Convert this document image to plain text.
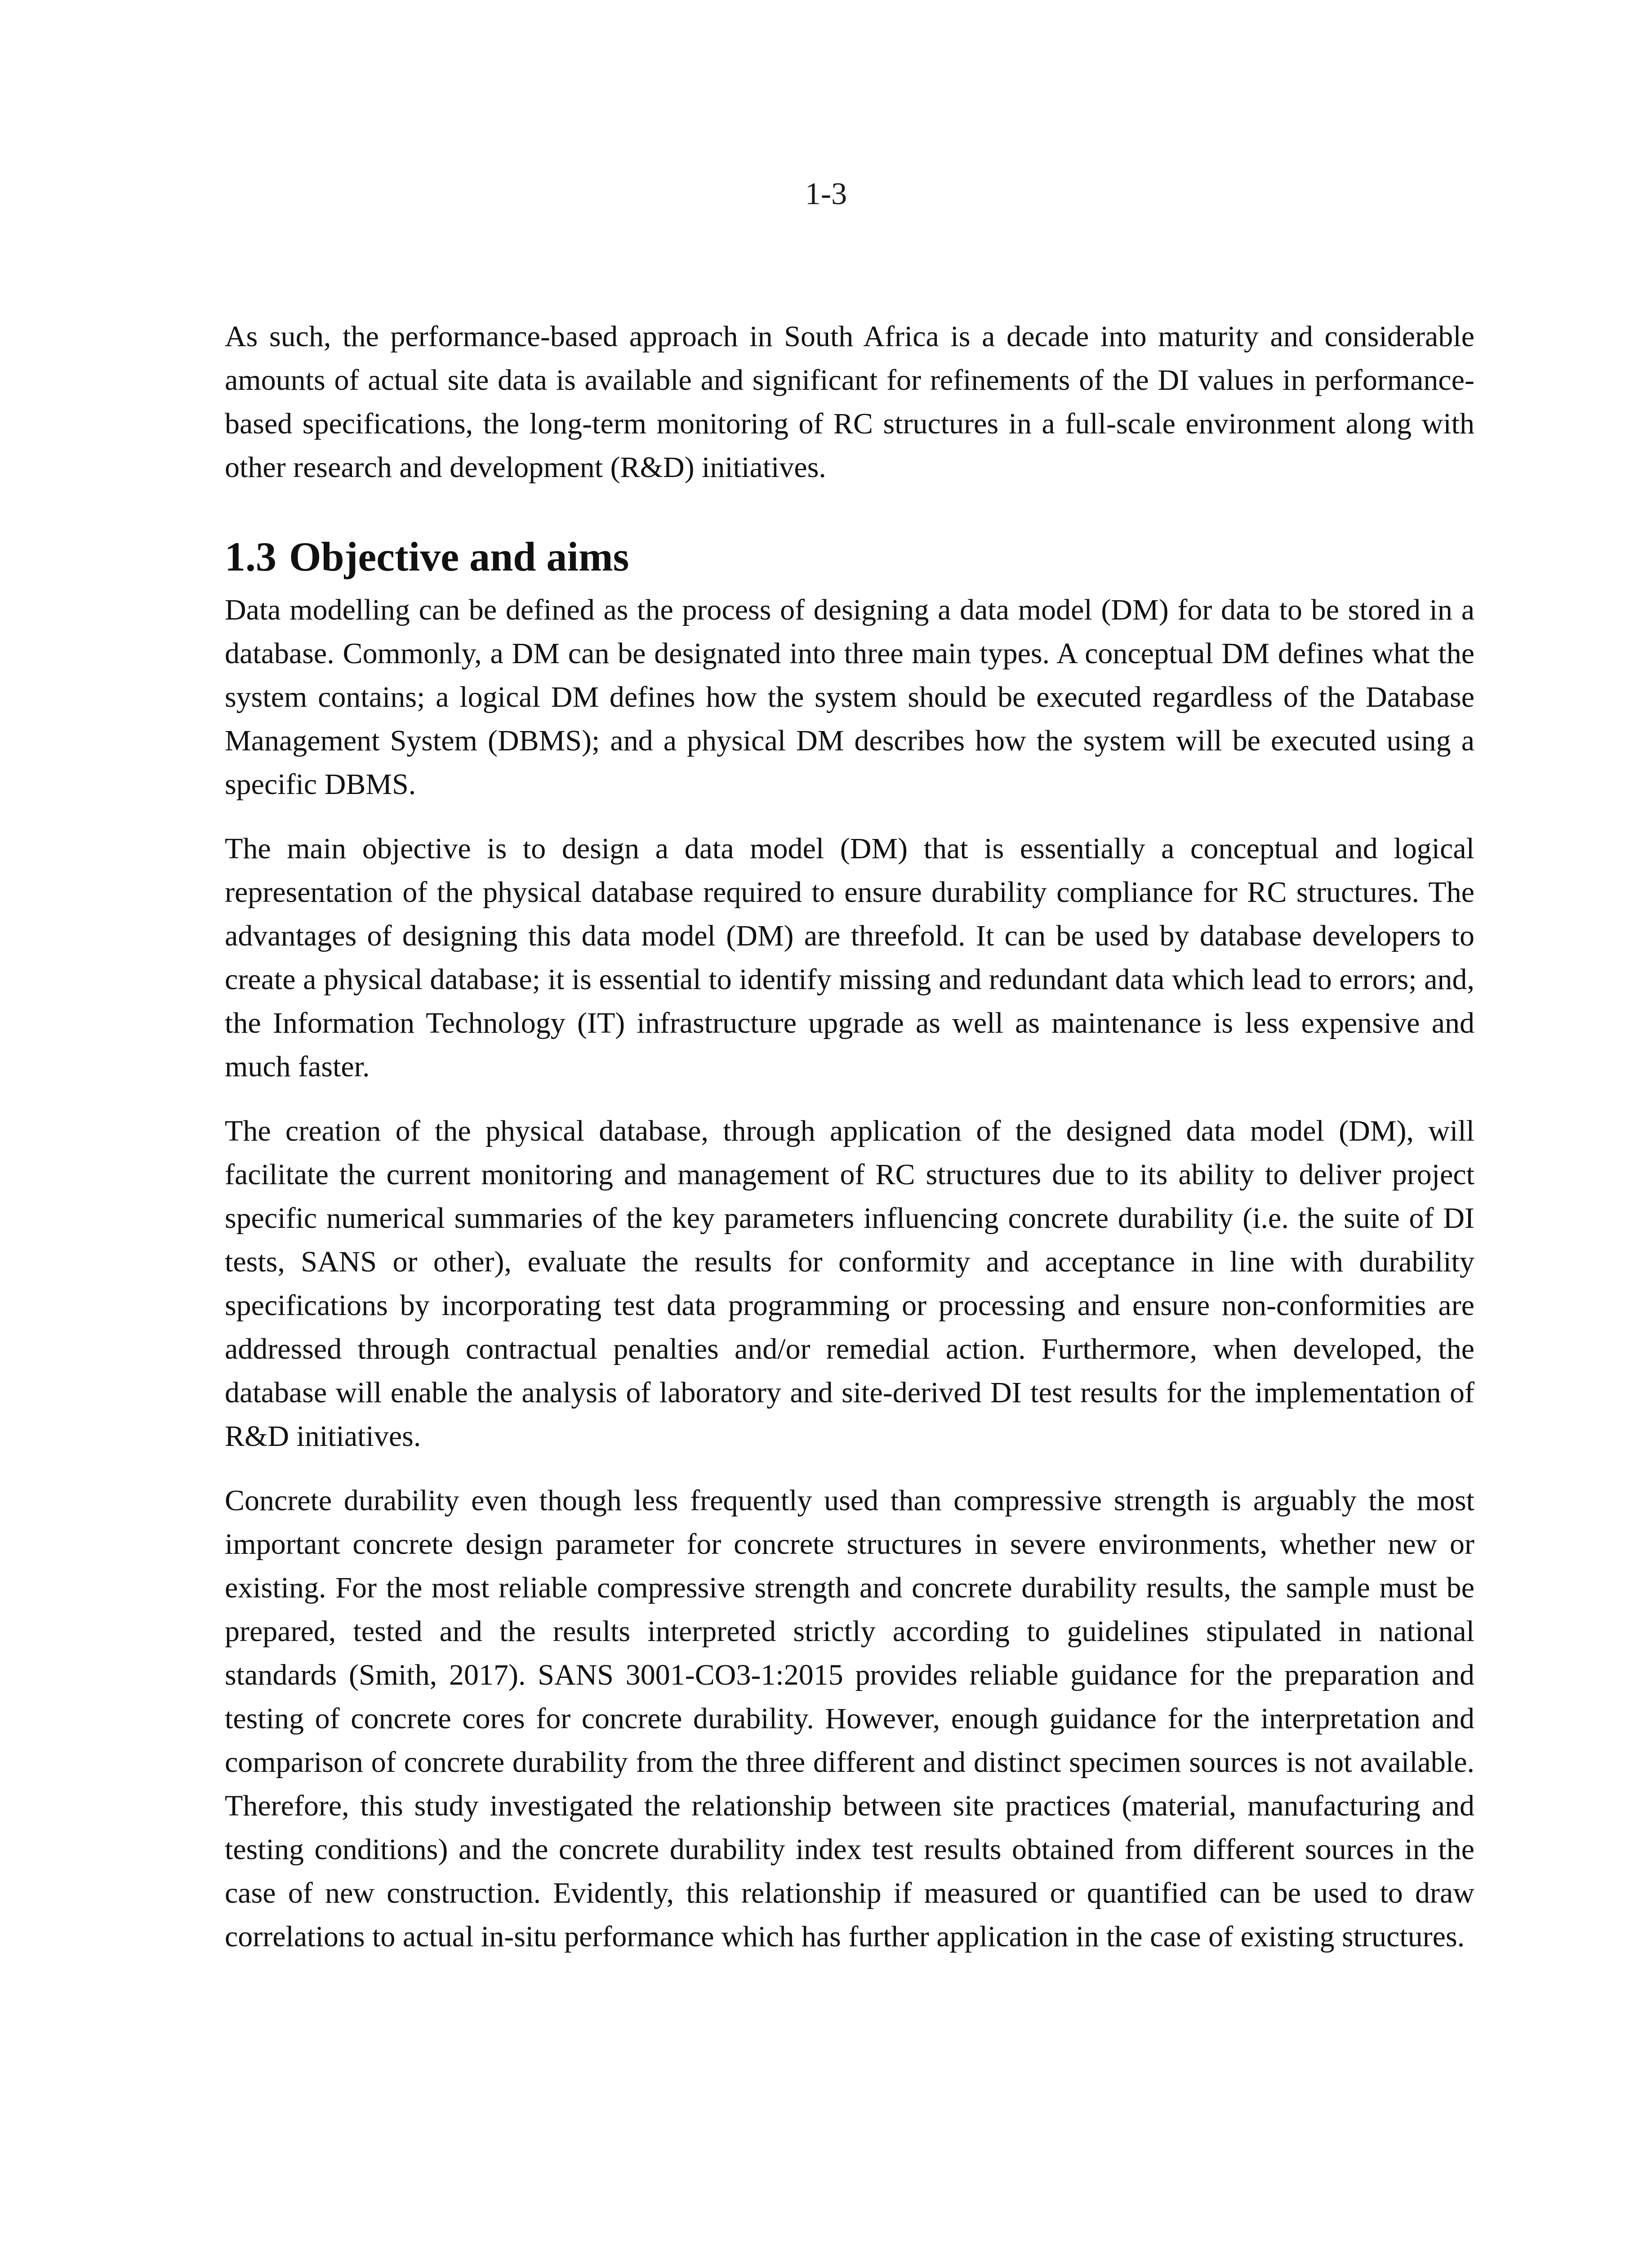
1-3

As such, the performance-based approach in South Africa is a decade into maturity and considerable amounts of actual site data is available and significant for refinements of the DI values in performance-based specifications, the long-term monitoring of RC structures in a full-scale environment along with other research and development (R&D) initiatives.

1.3 Objective and aims

Data modelling can be defined as the process of designing a data model (DM) for data to be stored in a database. Commonly, a DM can be designated into three main types. A conceptual DM defines what the system contains; a logical DM defines how the system should be executed regardless of the Database Management System (DBMS); and a physical DM describes how the system will be executed using a specific DBMS.

The main objective is to design a data model (DM) that is essentially a conceptual and logical representation of the physical database required to ensure durability compliance for RC structures. The advantages of designing this data model (DM) are threefold. It can be used by database developers to create a physical database; it is essential to identify missing and redundant data which lead to errors; and, the Information Technology (IT) infrastructure upgrade as well as maintenance is less expensive and much faster.

The creation of the physical database, through application of the designed data model (DM), will facilitate the current monitoring and management of RC structures due to its ability to deliver project specific numerical summaries of the key parameters influencing concrete durability (i.e. the suite of DI tests, SANS or other), evaluate the results for conformity and acceptance in line with durability specifications by incorporating test data programming or processing and ensure non-conformities are addressed through contractual penalties and/or remedial action. Furthermore, when developed, the database will enable the analysis of laboratory and site-derived DI test results for the implementation of R&D initiatives.

Concrete durability even though less frequently used than compressive strength is arguably the most important concrete design parameter for concrete structures in severe environments, whether new or existing. For the most reliable compressive strength and concrete durability results, the sample must be prepared, tested and the results interpreted strictly according to guidelines stipulated in national standards (Smith, 2017). SANS 3001-CO3-1:2015 provides reliable guidance for the preparation and testing of concrete cores for concrete durability. However, enough guidance for the interpretation and comparison of concrete durability from the three different and distinct specimen sources is not available. Therefore, this study investigated the relationship between site practices (material, manufacturing and testing conditions) and the concrete durability index test results obtained from different sources in the case of new construction. Evidently, this relationship if measured or quantified can be used to draw correlations to actual in-situ performance which has further application in the case of existing structures.
